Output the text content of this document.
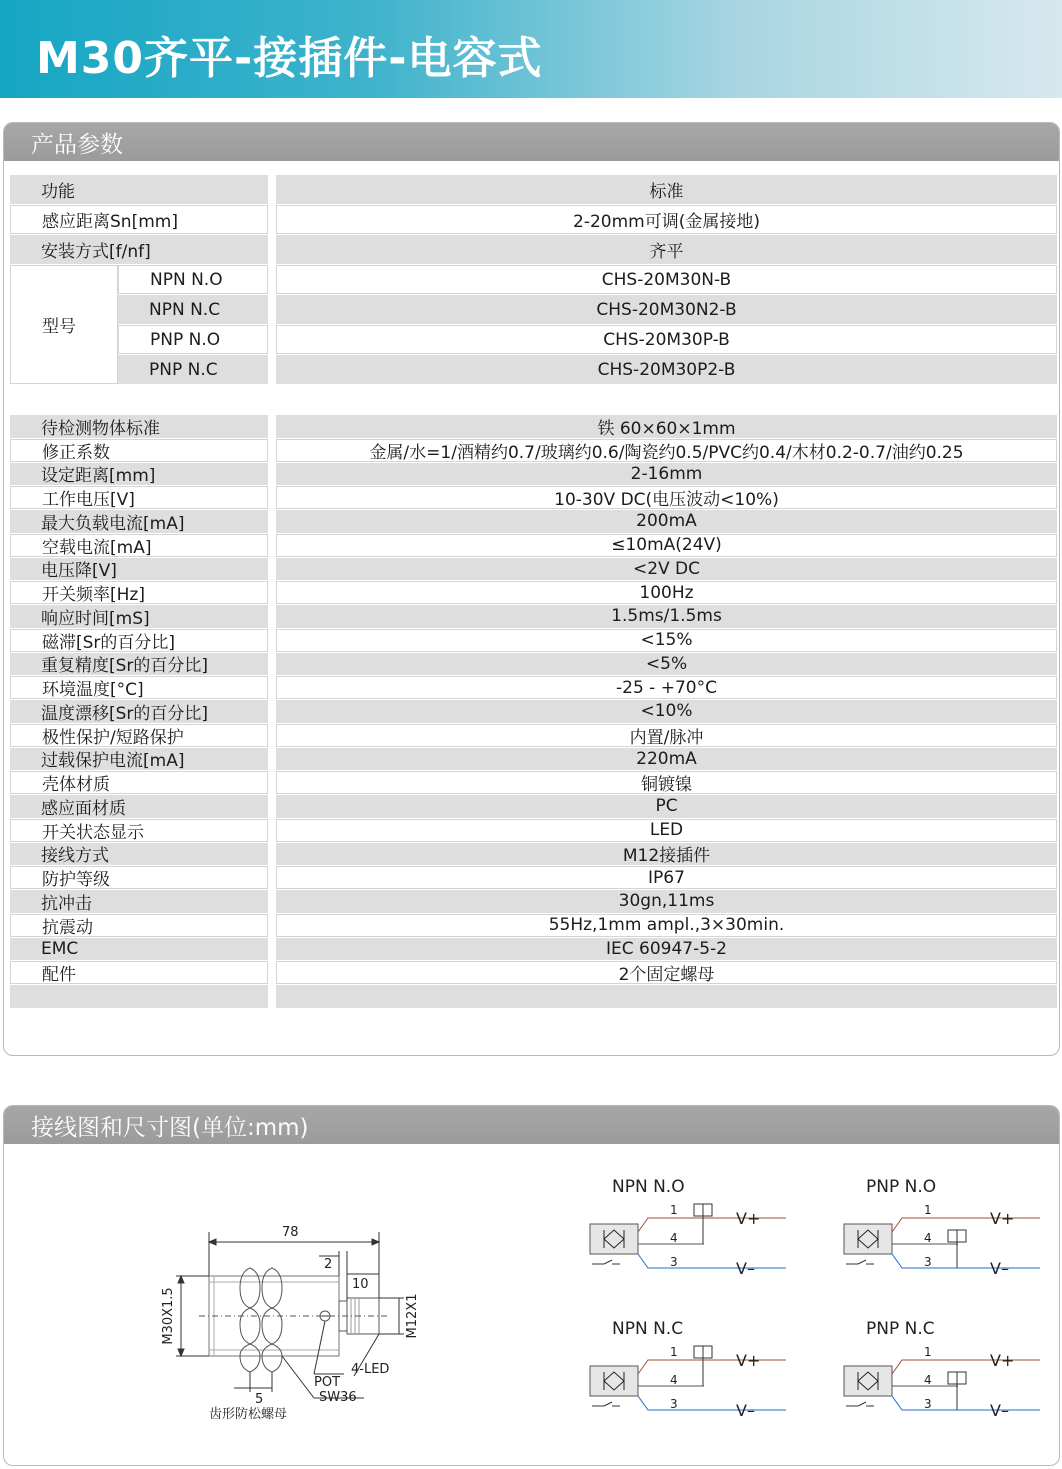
M30齐平-接插件-电容式
产品参数
功能	标准
感应距离Sn[mm]	2-20mm可调(金属接地)
安装方式[f/nf]	齐平
型号
NPN N.O	CHS-20M30N-B
NPN N.C	CHS-20M30N2-B
PNP N.O	CHS-20M30P-B
PNP N.C	CHS-20M30P2-B
待检测物体标准	铁 60×60×1mm
修正系数	金属/水=1/酒精约0.7/玻璃约0.6/陶瓷约0.5/PVC约0.4/木材0.2-0.7/油约0.25
设定距离[mm]	2-16mm
工作电压[V]	10-30V DC(电压波动<10%)
最大负载电流[mA]	200mA
空载电流[mA]	≤10mA(24V)
电压降[V]	<2V DC
开关频率[Hz]	100Hz
响应时间[mS]	1.5ms/1.5ms
磁滞[Sr的百分比]	<15%
重复精度[Sr的百分比]	<5%
环境温度[°C]	-25 - +70°C
温度漂移[Sr的百分比]	<10%
极性保护/短路保护	内置/脉冲
过载保护电流[mA]	220mA
壳体材质	铜镀镍
感应面材质	PC
开关状态显示	LED
接线方式	M12接插件
防护等级	IP67
抗冲击	30gn,11ms
抗震动	55Hz,1mm ampl.,3×30min.
EMC	IEC 60947-5-2
配件	2个固定螺母
接线图和尺寸图(单位:mm)
78
M30X1.5	M12X1
2
10
5
4-LED
POT
SW36
齿形防松螺母
NPN N.O
1
4
3
V+
V–
PNP N.O
1
4
3
V+
V–
NPN N.C
1
4
3
V+
V–
PNP N.C
1
4
3
V+
V–
